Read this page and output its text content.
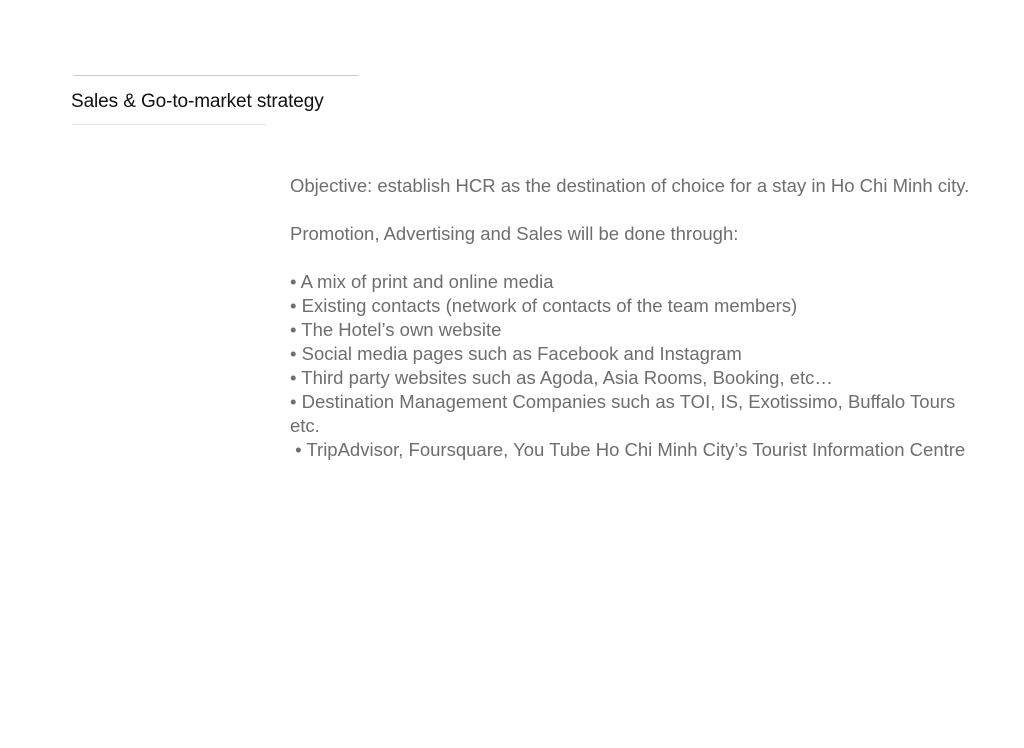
Sales & Go-to-market strategy

Objective: establish HCR as the destination of choice for a stay in Ho Chi Minh city.

Promotion, Advertising and Sales will be done through:

• A mix of print and online media
• Existing contacts (network of contacts of the team members)
• The Hotel’s own website
• Social media pages such as Facebook and Instagram
• Third party websites such as Agoda, Asia Rooms, Booking, etc…
• Destination Management Companies such as TOI, IS, Exotissimo, Buffalo Tours etc.
• TripAdvisor, Foursquare, You Tube Ho Chi Minh City’s Tourist Information Centre
